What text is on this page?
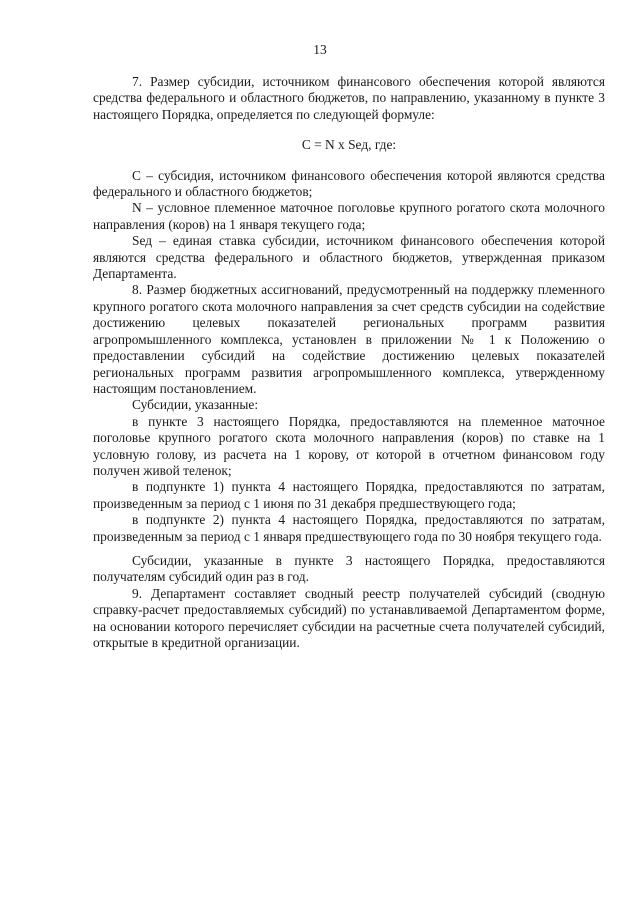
13

7. Размер субсидии, источником финансового обеспечения которой являются средства федерального и областного бюджетов, по направлению, указанному в пункте 3 настоящего Порядка, определяется по следующей формуле:

С = N х Sед, где:

С – субсидия, источником финансового обеспечения которой являются средства федерального и областного бюджетов;

N – условное племенное маточное поголовье крупного рогатого скота молочного направления (коров) на 1 января текущего года;

Sед – единая ставка субсидии, источником финансового обеспечения которой являются средства федерального и областного бюджетов, утвержденная приказом Департамента.

8. Размер бюджетных ассигнований, предусмотренный на поддержку племенного крупного рогатого скота молочного направления за счет средств субсидии на содействие достижению целевых показателей региональных программ развития агропромышленного комплекса, установлен в приложении № 1 к Положению о предоставлении субсидий на содействие достижению целевых показателей региональных программ развития агропромышленного комплекса, утвержденному настоящим постановлением.

Субсидии, указанные:

в пункте 3 настоящего Порядка, предоставляются на племенное маточное поголовье крупного рогатого скота молочного направления (коров) по ставке на 1 условную голову, из расчета на 1 корову, от которой в отчетном финансовом году получен живой теленок;

в подпункте 1) пункта 4 настоящего Порядка, предоставляются по затратам, произведенным за период с 1 июня по 31 декабря предшествующего года;

в подпункте 2) пункта 4 настоящего Порядка, предоставляются по затратам, произведенным за период с 1 января предшествующего года по 30 ноября текущего года.

Субсидии, указанные в пункте 3 настоящего Порядка, предоставляются получателям субсидий один раз в год.

9. Департамент составляет сводный реестр получателей субсидий (сводную справку-расчет предоставляемых субсидий) по устанавливаемой Департаментом форме, на основании которого перечисляет субсидии на расчетные счета получателей субсидий, открытые в кредитной организации.
